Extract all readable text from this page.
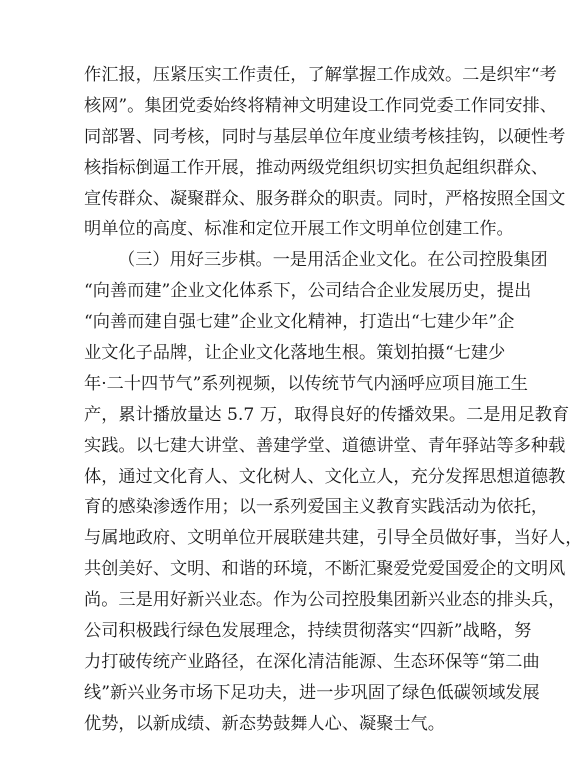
作汇报，压紧压实工作责任，了解掌握工作成效。二是织牢“考
核网”。集团党委始终将精神文明建设工作同党委工作同安排、
同部署、同考核，同时与基层单位年度业绩考核挂钩，以硬性考
核指标倒逼工作开展，推动两级党组织切实担负起组织群众、
宣传群众、凝聚群众、服务群众的职责。同时，严格按照全国文
明单位的高度、标准和定位开展工作文明单位创建工作。
（三）用好三步棋。一是用活企业文化。在公司控股集团
“向善而建”企业文化体系下，公司结合企业发展历史，提出
“向善而建自强七建”企业文化精神，打造出“七建少年”企
业文化子品牌，让企业文化落地生根。策划拍摄“七建少
年·二十四节气”系列视频，以传统节气内涵呼应项目施工生
产，累计播放量达 5.7 万，取得良好的传播效果。二是用足教育
实践。以七建大讲堂、善建学堂、道德讲堂、青年驿站等多种载
体，通过文化育人、文化树人、文化立人，充分发挥思想道德教
育的感染渗透作用；以一系列爱国主义教育实践活动为依托，
与属地政府、文明单位开展联建共建，引导全员做好事，当好人，
共创美好、文明、和谐的环境，不断汇聚爱党爱国爱企的文明风
尚。三是用好新兴业态。作为公司控股集团新兴业态的排头兵，
公司积极践行绿色发展理念，持续贯彻落实“四新”战略，努
力打破传统产业路径，在深化清洁能源、生态环保等“第二曲
线”新兴业务市场下足功夫，进一步巩固了绿色低碳领域发展
优势，以新成绩、新态势鼓舞人心、凝聚士气。
